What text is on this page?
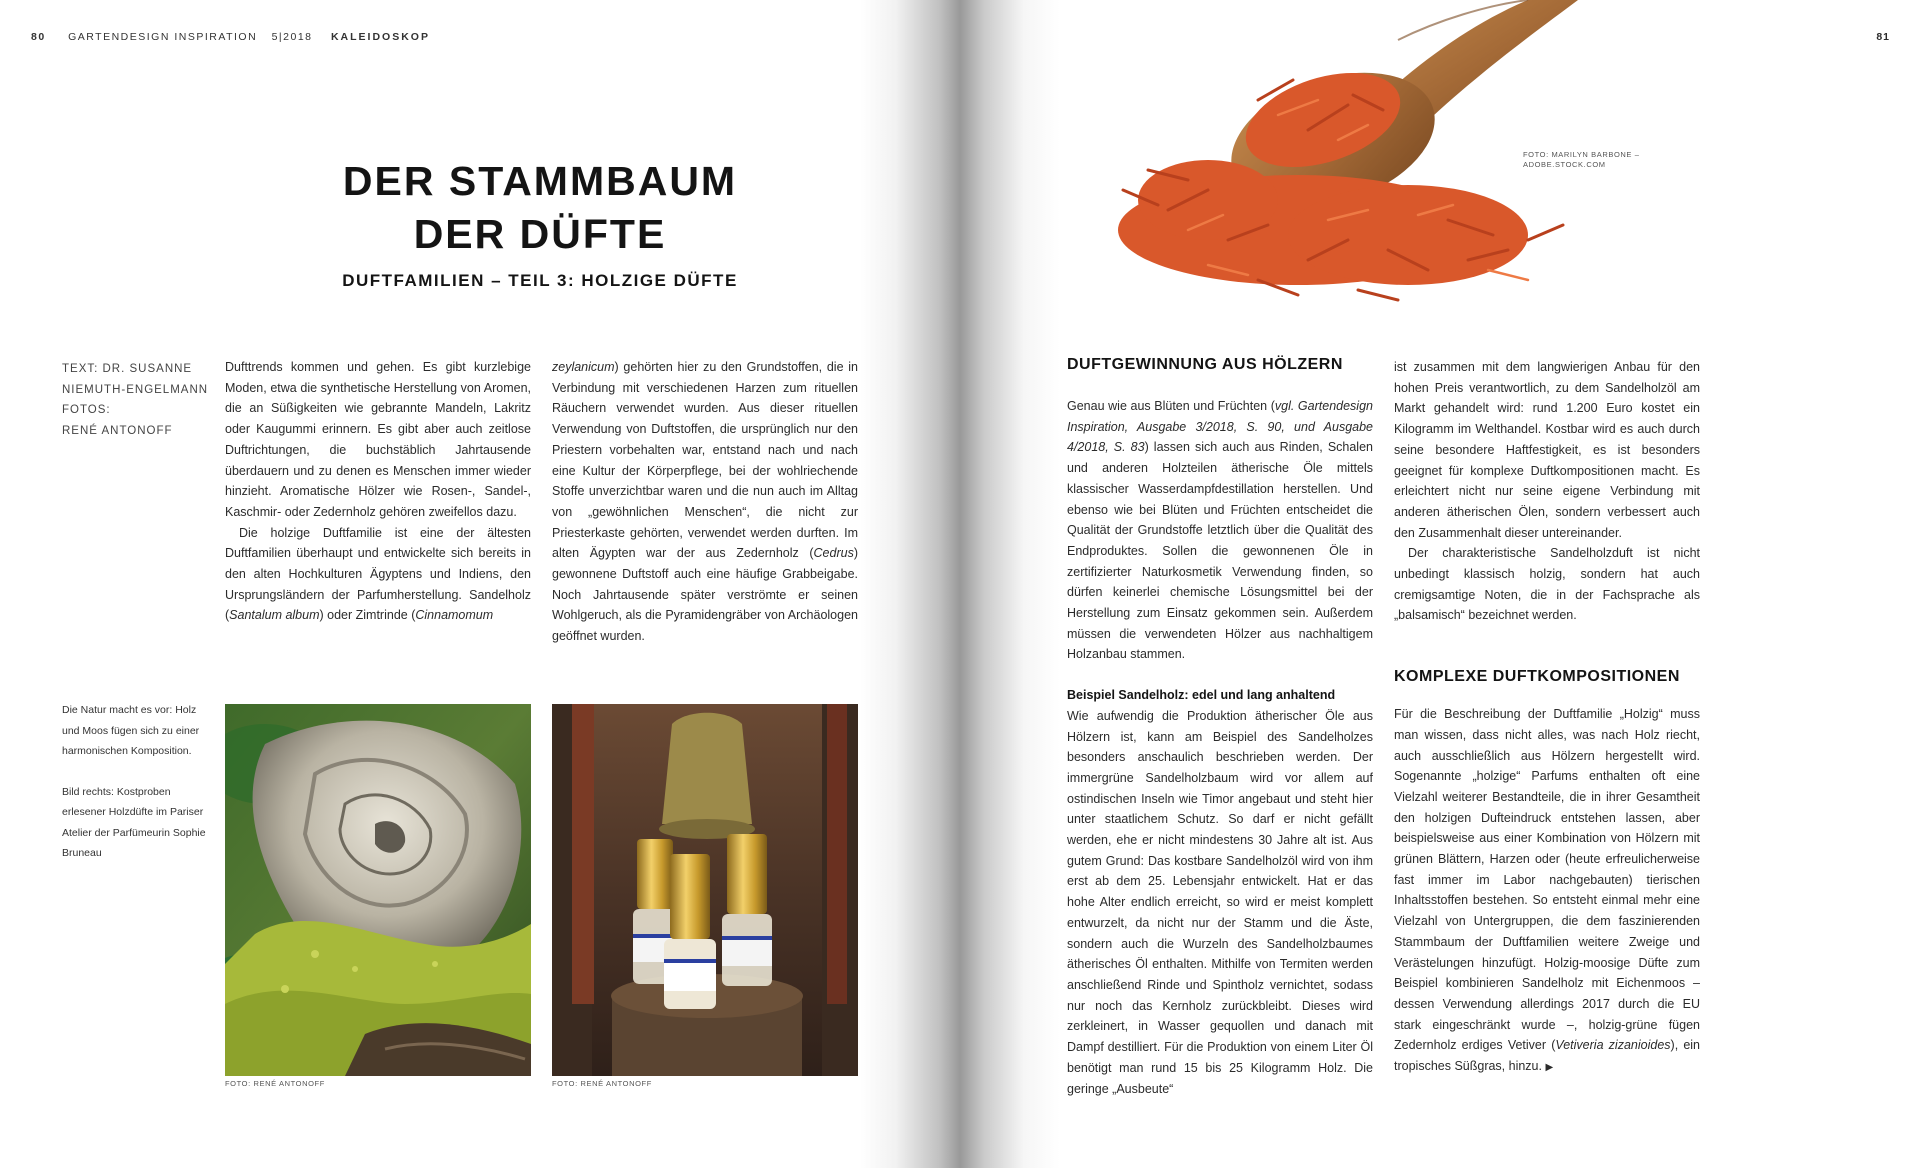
80 GARTENDESIGN INSPIRATION 5|2018 KALEIDOSKOP
DER STAMMBAUM
DER DÜFTE
DUFTFAMILIEN – TEIL 3: HOLZIGE DÜFTE
TEXT: DR. SUSANNE
NIEMUTH-ENGELMANN
FOTOS:
RENÉ ANTONOFF

Dufttrends kommen und gehen. Es gibt kurzlebige Moden, etwa die synthetische Herstellung von Aromen, die an Süßigkeiten wie gebrannte Mandeln, Lakritz oder Kaugummi erinnern. Es gibt aber auch zeitlose Duftrichtungen, die buchstäblich Jahrtausende überdauern und zu denen es Menschen immer wieder hinzieht. Aromatische Hölzer wie Rosen-, Sandel-, Kaschmir- oder Zedernholz gehören zweifellos dazu.

Die holzige Duftfamilie ist eine der ältesten Duftfamilien überhaupt und entwickelte sich bereits in den alten Hochkulturen Ägyptens und Indiens, den Ursprungsländern der Parfumherstellung. Sandelholz (Santalum album) oder Zimtrinde (Cinnamomum

zeylanicum) gehörten hier zu den Grundstoffen, die in Verbindung mit verschiedenen Harzen zum rituellen Räuchern verwendet wurden. Aus dieser rituellen Verwendung von Duftstoffen, die ursprünglich nur den Priestern vorbehalten war, entstand nach und nach eine Kultur der Körperpflege, bei der wohlriechende Stoffe unverzichtbar waren und die nun auch im Alltag von „gewöhnlichen Menschen“, die nicht zur Priesterkaste gehörten, verwendet werden durften. Im alten Ägypten war der aus Zedernholz (Cedrus) gewonnene Duftstoff auch eine häufige Grabbeigabe. Noch Jahrtausende später verströmte er seinen Wohlgeruch, als die Pyramidengräber von Archäologen geöffnet wurden.

Die Natur macht es vor: Holz und Moos fügen sich zu einer harmonischen Komposition.

Bild rechts: Kostproben erlesener Holzdüfte im Pariser Atelier der Parfümeurin Sophie Bruneau

FOTO: RENÉ ANTONOFF	FOTO: RENÉ ANTONOFF
81
FOTO: MARILYN BARBONE – ADOBE.STOCK.COM
DUFTGEWINNUNG AUS HÖLZERN

Genau wie aus Blüten und Früchten (vgl. Gartendesign Inspiration, Ausgabe 3/2018, S. 90, und Ausgabe 4/2018, S. 83) lassen sich auch aus Rinden, Schalen und anderen Holzteilen ätherische Öle mittels klassischer Wasserdampfdestillation herstellen. Und ebenso wie bei Blüten und Früchten entscheidet die Qualität der Grundstoffe letztlich über die Qualität des Endproduktes. Sollen die gewonnenen Öle in zertifizierter Naturkosmetik Verwendung finden, so dürfen keinerlei chemische Lösungsmittel bei der Herstellung zum Einsatz gekommen sein. Außerdem müssen die verwendeten Hölzer aus nachhaltigem Holzanbau stammen.

Beispiel Sandelholz: edel und lang anhaltend

Wie aufwendig die Produktion ätherischer Öle aus Hölzern ist, kann am Beispiel des Sandelholzes besonders anschaulich beschrieben werden. Der immergrüne Sandelholzbaum wird vor allem auf ostindischen Inseln wie Timor angebaut und steht hier unter staatlichem Schutz. So darf er nicht gefällt werden, ehe er nicht mindestens 30 Jahre alt ist. Aus gutem Grund: Das kostbare Sandelholzöl wird von ihm erst ab dem 25. Lebensjahr entwickelt. Hat er das hohe Alter endlich erreicht, so wird er meist komplett entwurzelt, da nicht nur der Stamm und die Äste, sondern auch die Wurzeln des Sandelholzbaumes ätherisches Öl enthalten. Mithilfe von Termiten werden anschließend Rinde und Spintholz vernichtet, sodass nur noch das Kernholz zurückbleibt. Dieses wird zerkleinert, in Wasser gequollen und danach mit Dampf destilliert. Für die Produktion von einem Liter Öl benötigt man rund 15 bis 25 Kilogramm Holz. Die geringe „Ausbeute“

ist zusammen mit dem langwierigen Anbau für den hohen Preis verantwortlich, zu dem Sandelholzöl am Markt gehandelt wird: rund 1.200 Euro kostet ein Kilogramm im Welthandel. Kostbar wird es auch durch seine besondere Haftfestigkeit, es ist besonders geeignet für komplexe Duftkompositionen macht. Es erleichtert nicht nur seine eigene Verbindung mit anderen ätherischen Ölen, sondern verbessert auch den Zusammenhalt dieser untereinander.

Der charakteristische Sandelholzduft ist nicht unbedingt klassisch holzig, sondern hat auch cremigsamtige Noten, die in der Fachsprache als „balsamisch“ bezeichnet werden.

KOMPLEXE DUFTKOMPOSITIONEN

Für die Beschreibung der Duftfamilie „Holzig“ muss man wissen, dass nicht alles, was nach Holz riecht, auch ausschließlich aus Hölzern hergestellt wird. Sogenannte „holzige“ Parfums enthalten oft eine Vielzahl weiterer Bestandteile, die in ihrer Gesamtheit den holzigen Dufteindruck entstehen lassen, aber beispielsweise aus einer Kombination von Hölzern mit grünen Blättern, Harzen oder (heute erfreulicherweise fast immer im Labor nachgebauten) tierischen Inhaltsstoffen bestehen. So entsteht einmal mehr eine Vielzahl von Untergruppen, die dem faszinierenden Stammbaum der Duftfamilien weitere Zweige und Verästelungen hinzufügt. Holzig-moosige Düfte zum Beispiel kombinieren Sandelholz mit Eichenmoos – dessen Verwendung allerdings 2017 durch die EU stark eingeschränkt wurde –, holzig-grüne fügen Zedernholz erdiges Vetiver (Vetiveria zizanioides), ein tropisches Süßgras, hinzu. ▶
